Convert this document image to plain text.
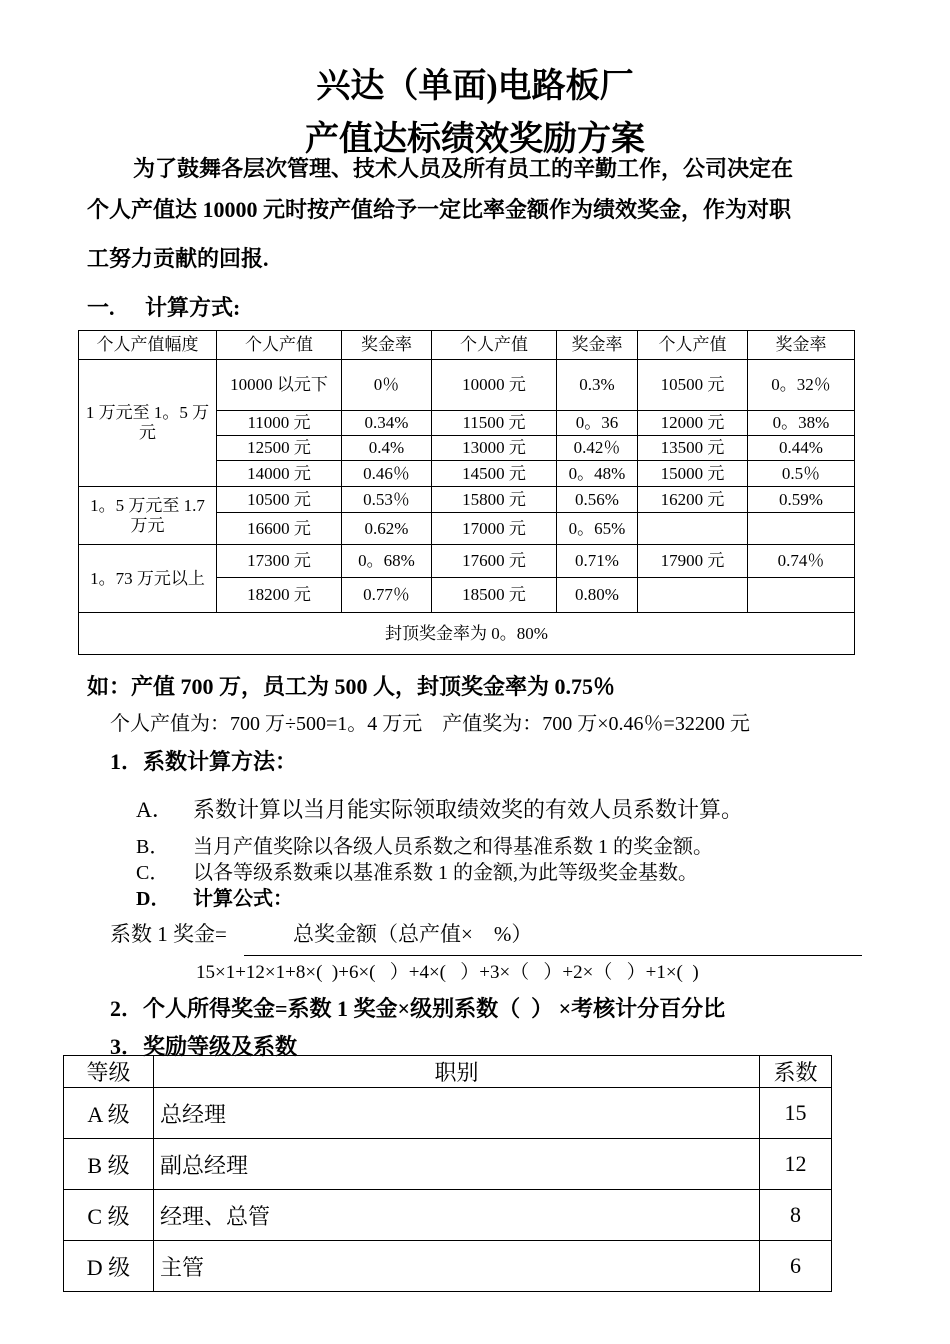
兴达（单面)电路板厂
产值达标绩效奖励方案
为了鼓舞各层次管理、技术人员及所有员工的辛勤工作，公司决定在
个人产值达 10000 元时按产值给予一定比率金额作为绩效奖金，作为对职
工努力贡献的回报.
一. 计算方式:
个人产值幅度	个人产值	奖金率	个人产值	奖金率	个人产值	奖金率
1 万元至 1。5 万元	10000 以元下	0％	10000 元	0.3%	10500 元	0。32％
	11000 元	0.34%	11500 元	0。36	12000 元	0。38%
	12500 元	0.4%	13000 元	0.42％	13500 元	0.44%
	14000 元	0.46％	14500 元	0。48%	15000 元	0.5％
1。5 万元至 1.7 万元	10500 元	0.53％	15800 元	0.56%	16200 元	0.59%
	16600 元	0.62%	17000 元	0。65%		
1。73 万元以上	17300 元	0。68%	17600 元	0.71%	17900 元	0.74％
	18200 元	0.77％	18500 元	0.80%		
封顶奖金率为 0。80%						
如：产值 700 万，员工为 500 人，封顶奖金率为 0.75％
个人产值为：700 万÷500=1。4 万元    产值奖为：700 万×0.46％=32200 元
1．系数计算方法：
A． 系数计算以当月能实际领取绩效奖的有效人员系数计算。
B． 当月产值奖除以各级人员系数之和得基准系数 1 的奖金额。
C． 以各等级系数乘以基准系数 1 的金额,为此等级奖金基数。
D． 计算公式：
系数 1 奖金=	总奖金额（总产值×    %）
15×1+12×1+8×(  )+6×(   ）+4×(   ）+3×（   ）+2×（   ）+1×(  )
2．个人所得奖金=系数 1 奖金×级别系数（  ） ×考核计分百分比
3．奖励等级及系数
等级	职别	系数
A 级	总经理	15
B 级	副总经理	12
C 级	经理、总管	8
D 级	主管	6
